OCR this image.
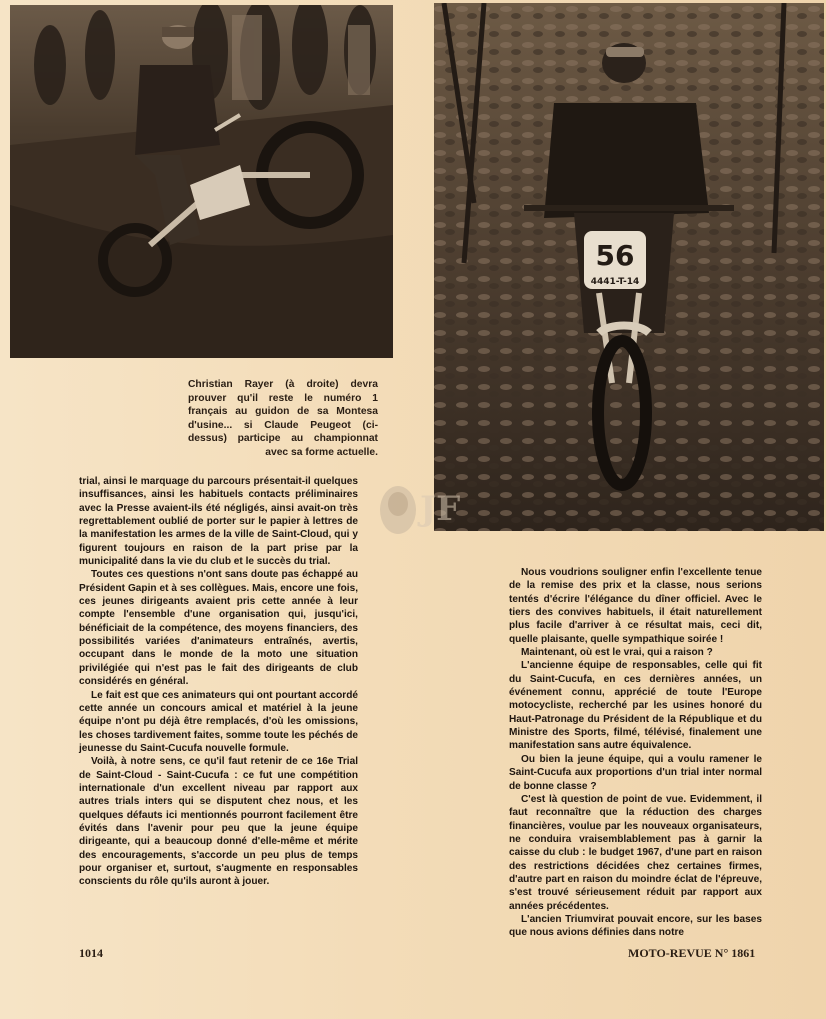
56
4441-T-14
Christian Rayer (à droite) devra prouver qu'il reste le numéro 1 français au guidon de sa Montesa d'usine... si Claude Peugeot (ci-dessus) participe au championnat avec sa forme actuelle.
JF

trial, ainsi le marquage du parcours présentait-il quelques insuffisances, ainsi les habituels contacts préliminaires avec la Presse avaient-ils été négligés, ainsi avait-on très regrettablement oublié de porter sur le papier à lettres de la manifestation les armes de la ville de Saint-Cloud, qui y figurent toujours en raison de la part prise par la municipalité dans la vie du club et le succès du trial.

Toutes ces questions n'ont sans doute pas échappé au Président Gapin et à ses collègues. Mais, encore une fois, ces jeunes dirigeants avaient pris cette année à leur compte l'ensemble d'une organisation qui, jusqu'ici, bénéficiait de la compétence, des moyens financiers, des possibilités variées d'animateurs entraînés, avertis, occupant dans le monde de la moto une situation privilégiée qui n'est pas le fait des dirigeants de club considérés en général.

Le fait est que ces animateurs qui ont pourtant accordé cette année un concours amical et matériel à la jeune équipe n'ont pu déjà être remplacés, d'où les omissions, les choses tardivement faites, somme toute les péchés de jeunesse du Saint-Cucufa nouvelle formule.

Voilà, à notre sens, ce qu'il faut retenir de ce 16e Trial de Saint-Cloud - Saint-Cucufa : ce fut une compétition internationale d'un excellent niveau par rapport aux autres trials inters qui se disputent chez nous, et les quelques défauts ici mentionnés pourront facilement être évités dans l'avenir pour peu que la jeune équipe dirigeante, qui a beaucoup donné d'elle-même et mérite des encouragements, s'accorde un peu plus de temps pour organiser et, surtout, s'augmente en responsables conscients du rôle qu'ils auront à jouer.

Nous voudrions souligner enfin l'excellente tenue de la remise des prix et la classe, nous serions tentés d'écrire l'élégance du dîner officiel. Avec le tiers des convives habituels, il était naturellement plus facile d'arriver à ce résultat mais, ceci dit, quelle plaisante, quelle sympathique soirée !

Maintenant, où est le vrai, qui a raison ?

L'ancienne équipe de responsables, celle qui fit du Saint-Cucufa, en ces dernières années, un événement connu, apprécié de toute l'Europe motocycliste, recherché par les usines honoré du Haut-Patronage du Président de la République et du Ministre des Sports, filmé, télévisé, finalement une manifestation sans autre équivalence.

Ou bien la jeune équipe, qui a voulu ramener le Saint-Cucufa aux proportions d'un trial inter normal de bonne classe ?

C'est là question de point de vue. Evidemment, il faut reconnaître que la réduction des charges financières, voulue par les nouveaux organisateurs, ne conduira vraisemblablement pas à garnir la caisse du club : le budget 1967, d'une part en raison des restrictions décidées chez certaines firmes, d'autre part en raison du moindre éclat de l'épreuve, s'est trouvé sérieusement réduit par rapport aux années précédentes.

L'ancien Triumvirat pouvait encore, sur les bases que nous avions définies dans notre

1014	MOTO-REVUE N° 1861
